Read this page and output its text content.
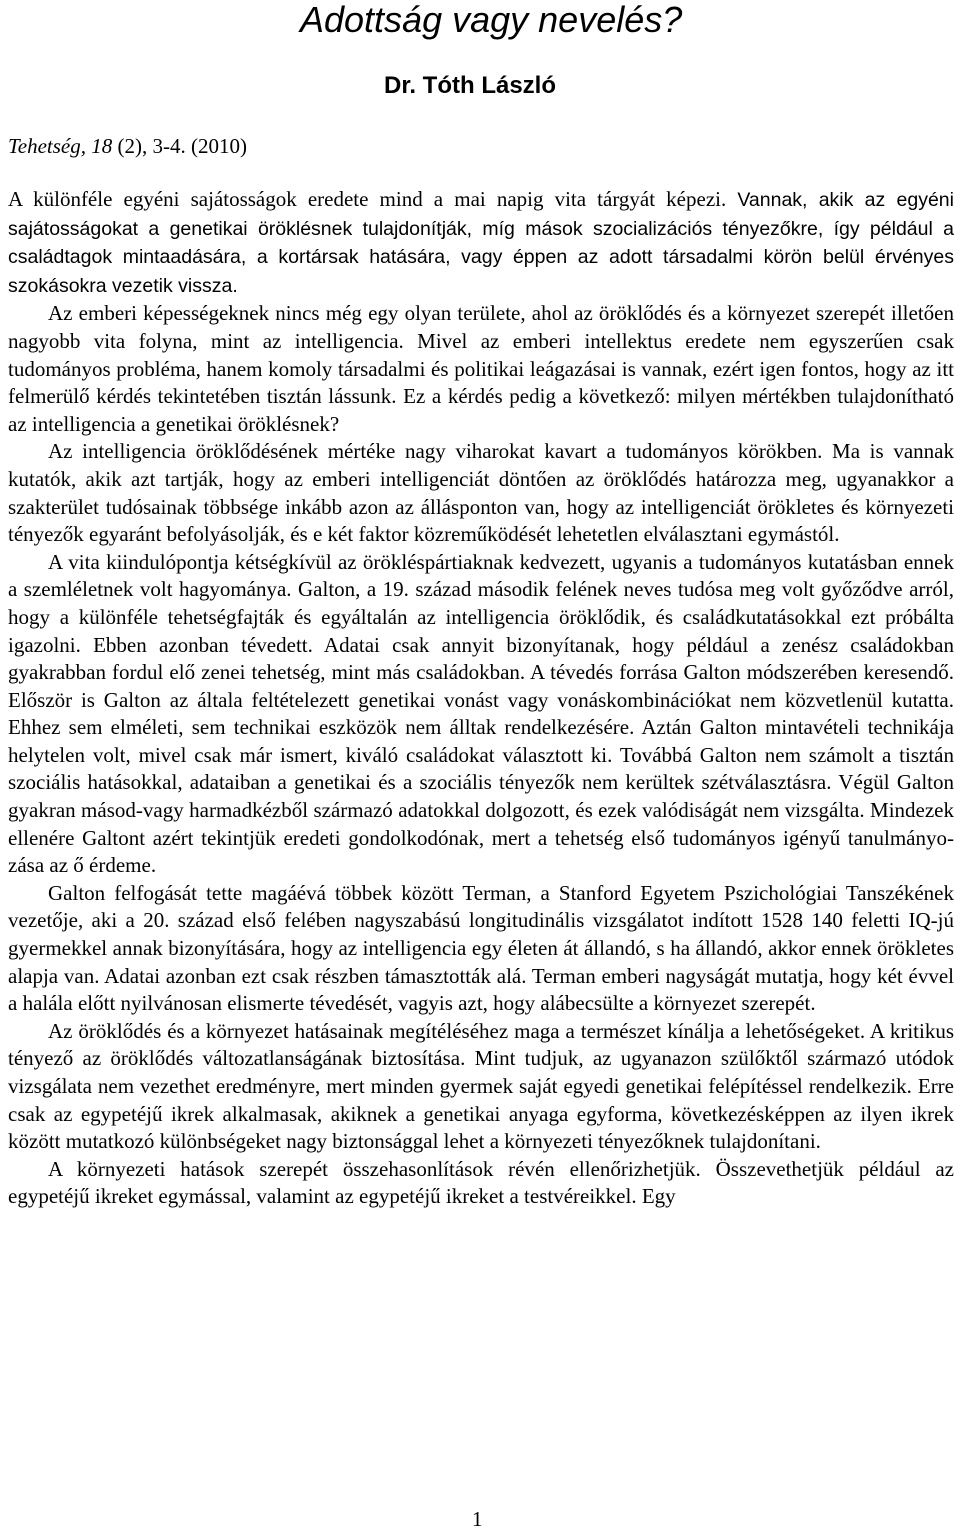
Adottság vagy nevelés?
Dr. Tóth László

Tehetség, 18 (2), 3-4. (2010)

A különféle egyéni sajátosságok eredete mind a mai napig vita tárgyát képezi. Vannak, akik az egyéni sajátosságokat a genetikai öröklésnek tulajdonítják, míg mások szocializációs tényezőkre, így például a családtagok mintaadására, a kortársak hatására, vagy éppen az adott társadalmi körön belül érvényes szokásokra vezetik vissza.

Az emberi képességeknek nincs még egy olyan területe, ahol az öröklődés és a környezet szerepét illetően nagyobb vita folyna, mint az intelligencia. Mivel az emberi intellektus eredete nem egyszerűen csak tudományos probléma, hanem komoly társadalmi és politikai leágazásai is vannak, ezért igen fontos, hogy az itt felmerülő kérdés tekintetében tisztán lássunk. Ez a kérdés pedig a következő: milyen mértékben tulajdonítható az intelligencia a genetikai öröklésnek?

Az intelligencia öröklődésének mértéke nagy viharokat kavart a tudományos körökben. Ma is vannak kutatók, akik azt tartják, hogy az emberi intelligenciát döntően az öröklődés határozza meg, ugyanakkor a szakterület tudósainak többsége inkább azon az állásponton van, hogy az intelligenciát örökletes és környezeti tényezők egyaránt befolyásolják, és e két faktor közreműködését lehetetlen elválasztani egymástól.

A vita kiindulópontja kétségkívül az örökléspártiaknak kedvezett, ugyanis a tudományos kutatásban ennek a szemléletnek volt hagyománya. Galton, a 19. század második felének neves tudósa meg volt győződve arról, hogy a különféle tehetségfajták és egyáltalán az intelligencia öröklődik, és családkutatásokkal ezt próbálta igazolni. Ebben azonban tévedett. Adatai csak annyit bizonyítanak, hogy például a zenész családokban gyakrabban fordul elő zenei tehetség, mint más családokban. A tévedés forrása Galton módszerében keresendő. Először is Galton az általa feltételezett genetikai vonást vagy vonáskombinációkat nem közvetlenül kutatta. Ehhez sem elméleti, sem technikai eszközök nem álltak rendelkezésére. Aztán Galton mintavételi technikája helytelen volt, mivel csak már ismert, kiváló családokat választott ki. Továbbá Galton nem számolt a tisztán szociális hatásokkal, adataiban a genetikai és a szociális tényezők nem kerültek szétválasztásra. Végül Galton gyakran másod-vagy harmadkézből származó adatokkal dolgozott, és ezek valódiságát nem vizsgálta. Mindezek ellenére Galtont azért tekintjük eredeti gondolkodónak, mert a tehetség első tudományos igényű tanulmányozása az ő érdeme.

Galton felfogását tette magáévá többek között Terman, a Stanford Egyetem Pszichológiai Tanszékének vezetője, aki a 20. század első felében nagyszabású longitudinális vizsgálatot indított 1528 140 feletti IQ-jú gyermekkel annak bizonyítására, hogy az intelligencia egy életen át állandó, s ha állandó, akkor ennek örökletes alapja van. Adatai azonban ezt csak részben támasztották alá. Terman emberi nagyságát mutatja, hogy két évvel a halála előtt nyilvánosan elismerte tévedését, vagyis azt, hogy alábecsülte a környezet szerepét.

Az öröklődés és a környezet hatásainak megítéléséhez maga a természet kínálja a lehetőségeket. A kritikus tényező az öröklődés változatlanságának biztosítása. Mint tudjuk, az ugyanazon szülőktől származó utódok vizsgálata nem vezethet eredményre, mert minden gyermek saját egyedi genetikai felépítéssel rendelkezik. Erre csak az egypetéjű ikrek alkalmasak, akiknek a genetikai anyaga egyforma, következésképpen az ilyen ikrek között mutatkozó különbségeket nagy biztonsággal lehet a környezeti tényezőknek tulajdonítani.

A környezeti hatások szerepét összehasonlítások révén ellenőrizhetjük. Összevethetjük például az egypetéjű ikreket egymással, valamint az egypetéjű ikreket a testvéreikkel. Egy

1
